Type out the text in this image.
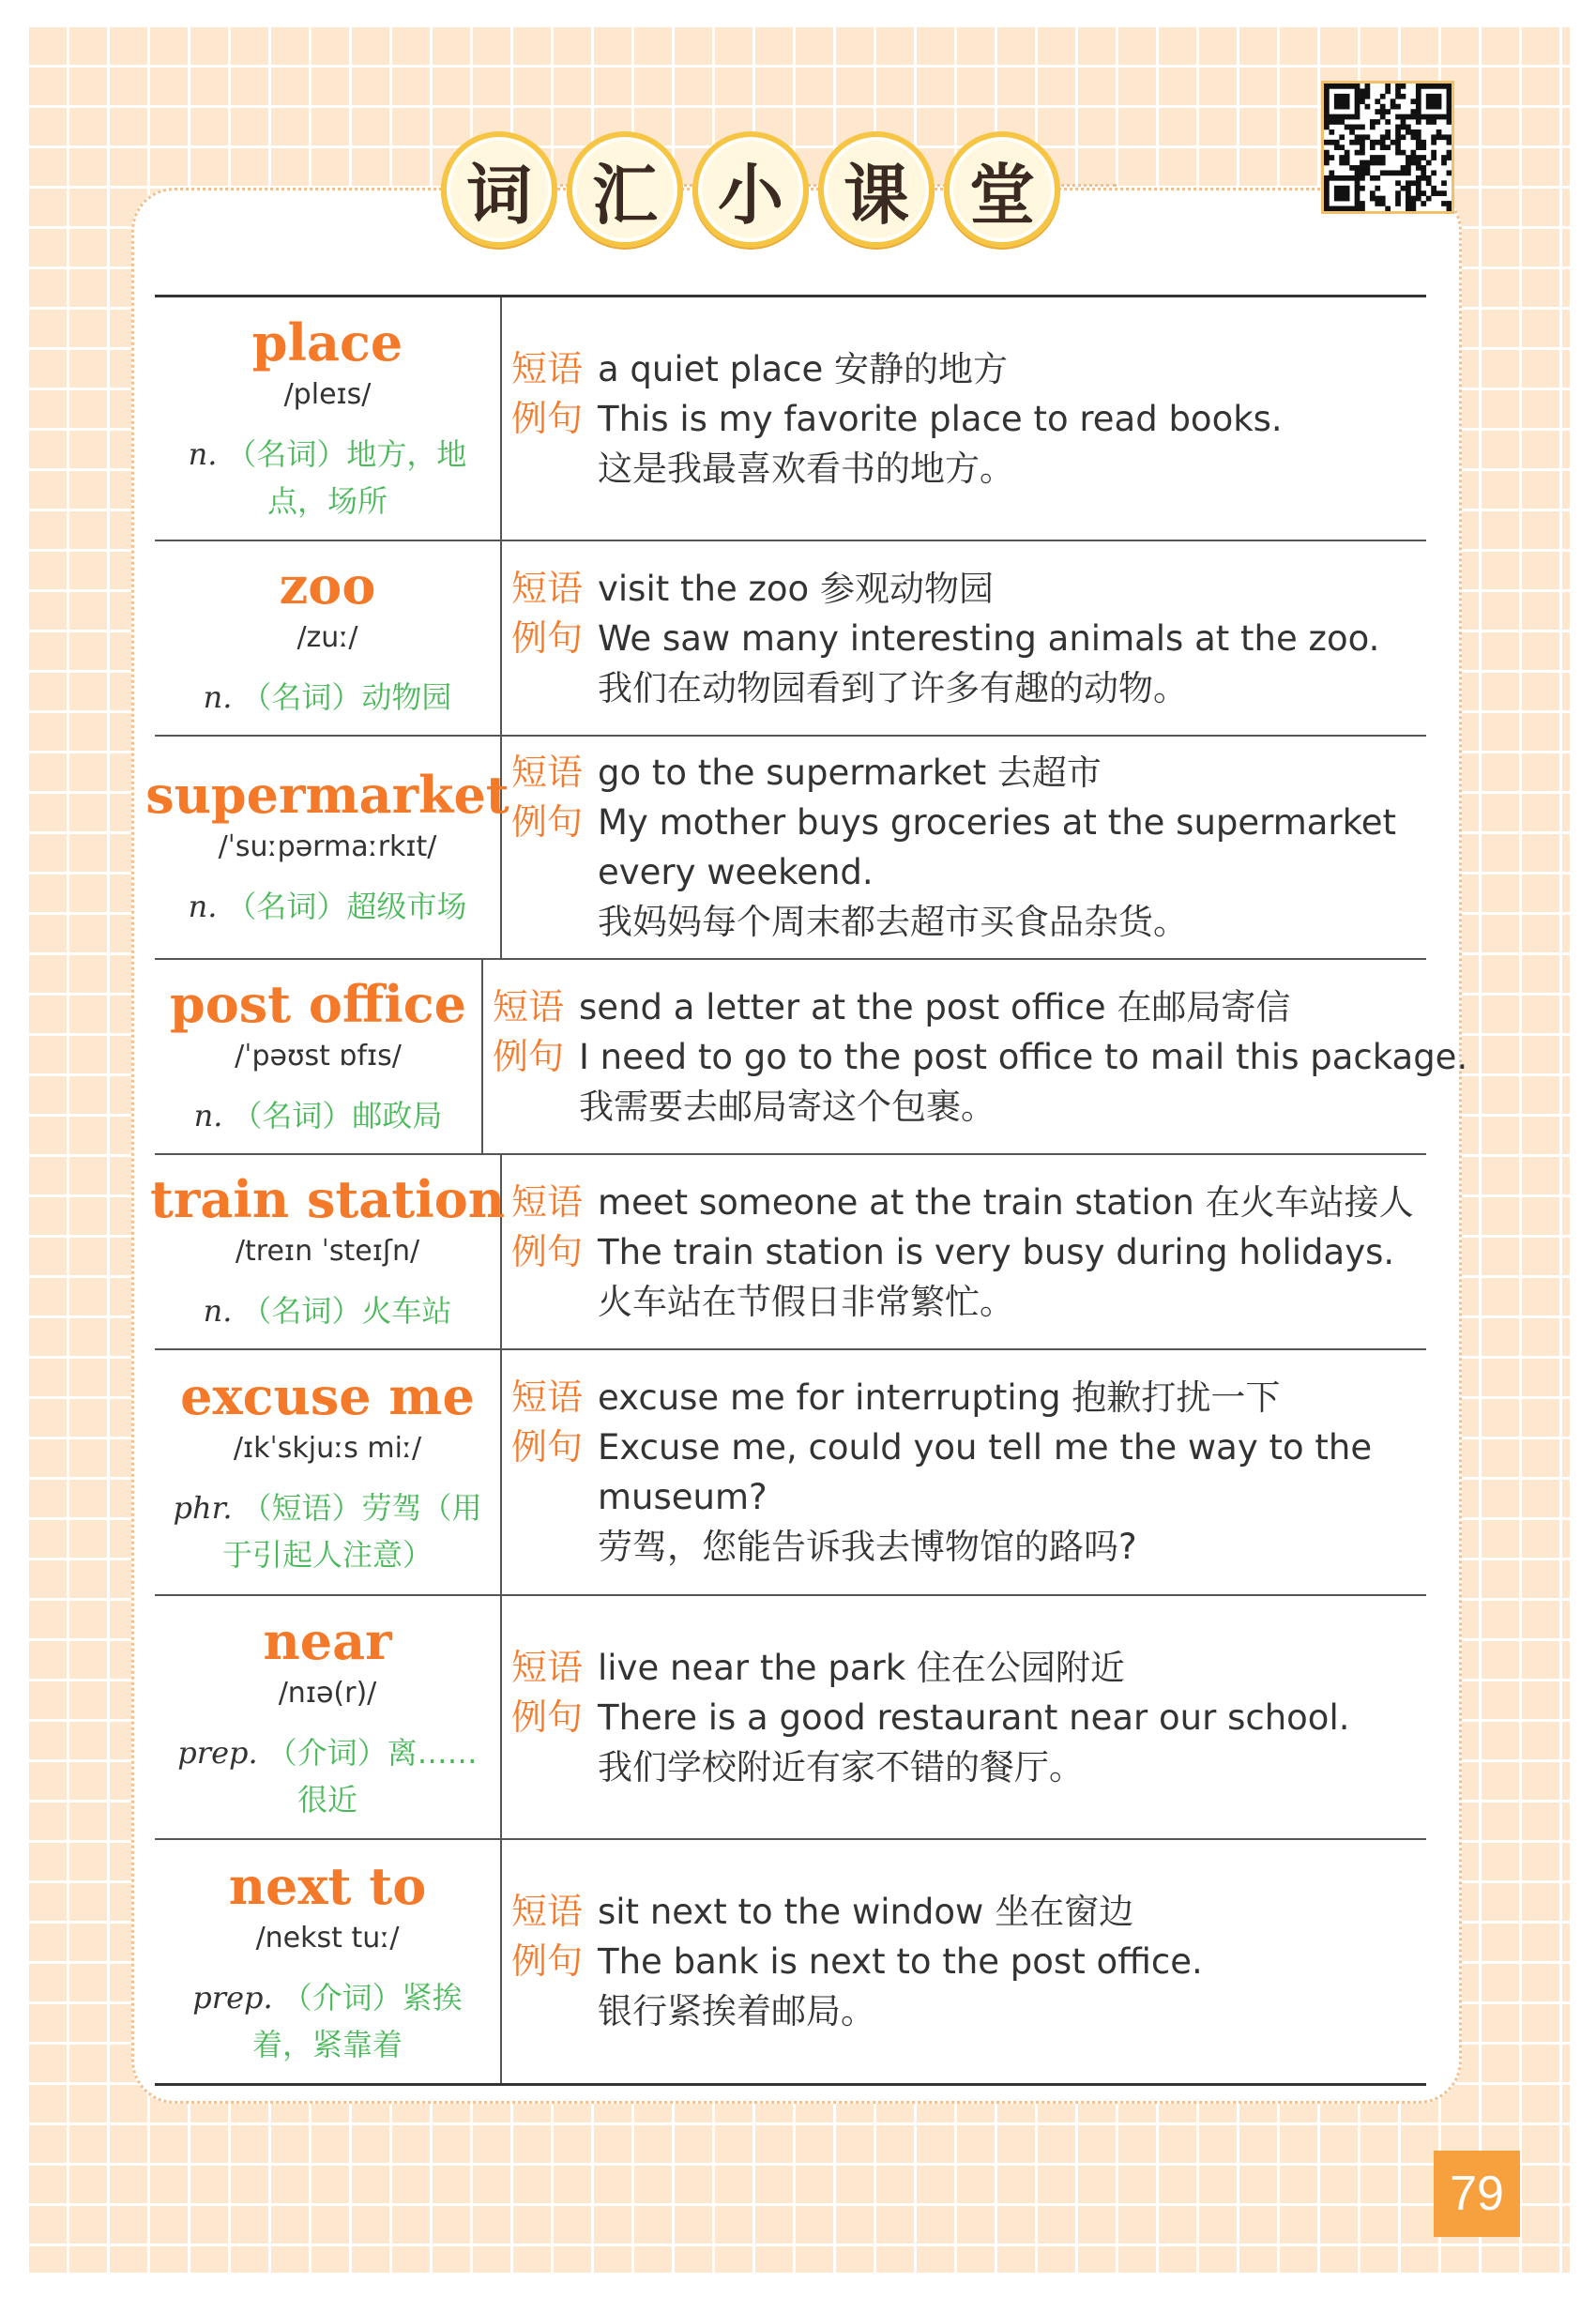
词 汇 小 课 堂
place
/pleɪs/
n. （名词）地方，地点，场所
短语 a quiet place 安静的地方
例句 This is my favorite place to read books.
这是我最喜欢看书的地方。
zoo
/zuː/
n. （名词）动物园
短语 visit the zoo 参观动物园
例句 We saw many interesting animals at the zoo.
我们在动物园看到了许多有趣的动物。
supermarket
/ˈsuːpərmaːrkɪt/
n. （名词）超级市场
短语 go to the supermarket 去超市
例句 My mother buys groceries at the supermarket
every weekend.
我妈妈每个周末都去超市买食品杂货。
post office
/ˈpəʊst ɒfɪs/
n. （名词）邮政局
短语 send a letter at the post office 在邮局寄信
例句 I need to go to the post office to mail this package.
我需要去邮局寄这个包裹。
train station
/treɪn ˈsteɪʃn/
n. （名词）火车站
短语 meet someone at the train station 在火车站接人
例句 The train station is very busy during holidays.
火车站在节假日非常繁忙。
excuse me
/ɪkˈskjuːs miː/
phr. （短语）劳驾（用于引起人注意）
短语 excuse me for interrupting 抱歉打扰一下
例句 Excuse me, could you tell me the way to the
museum?
劳驾，您能告诉我去博物馆的路吗?
near
/nɪə(r)/
prep. （介词）离……很近
短语 live near the park 住在公园附近
例句 There is a good restaurant near our school.
我们学校附近有家不错的餐厅。
next to
/nekst tuː/
prep. （介词）紧挨着，紧靠着
短语 sit next to the window 坐在窗边
例句 The bank is next to the post office.
银行紧挨着邮局。
79
